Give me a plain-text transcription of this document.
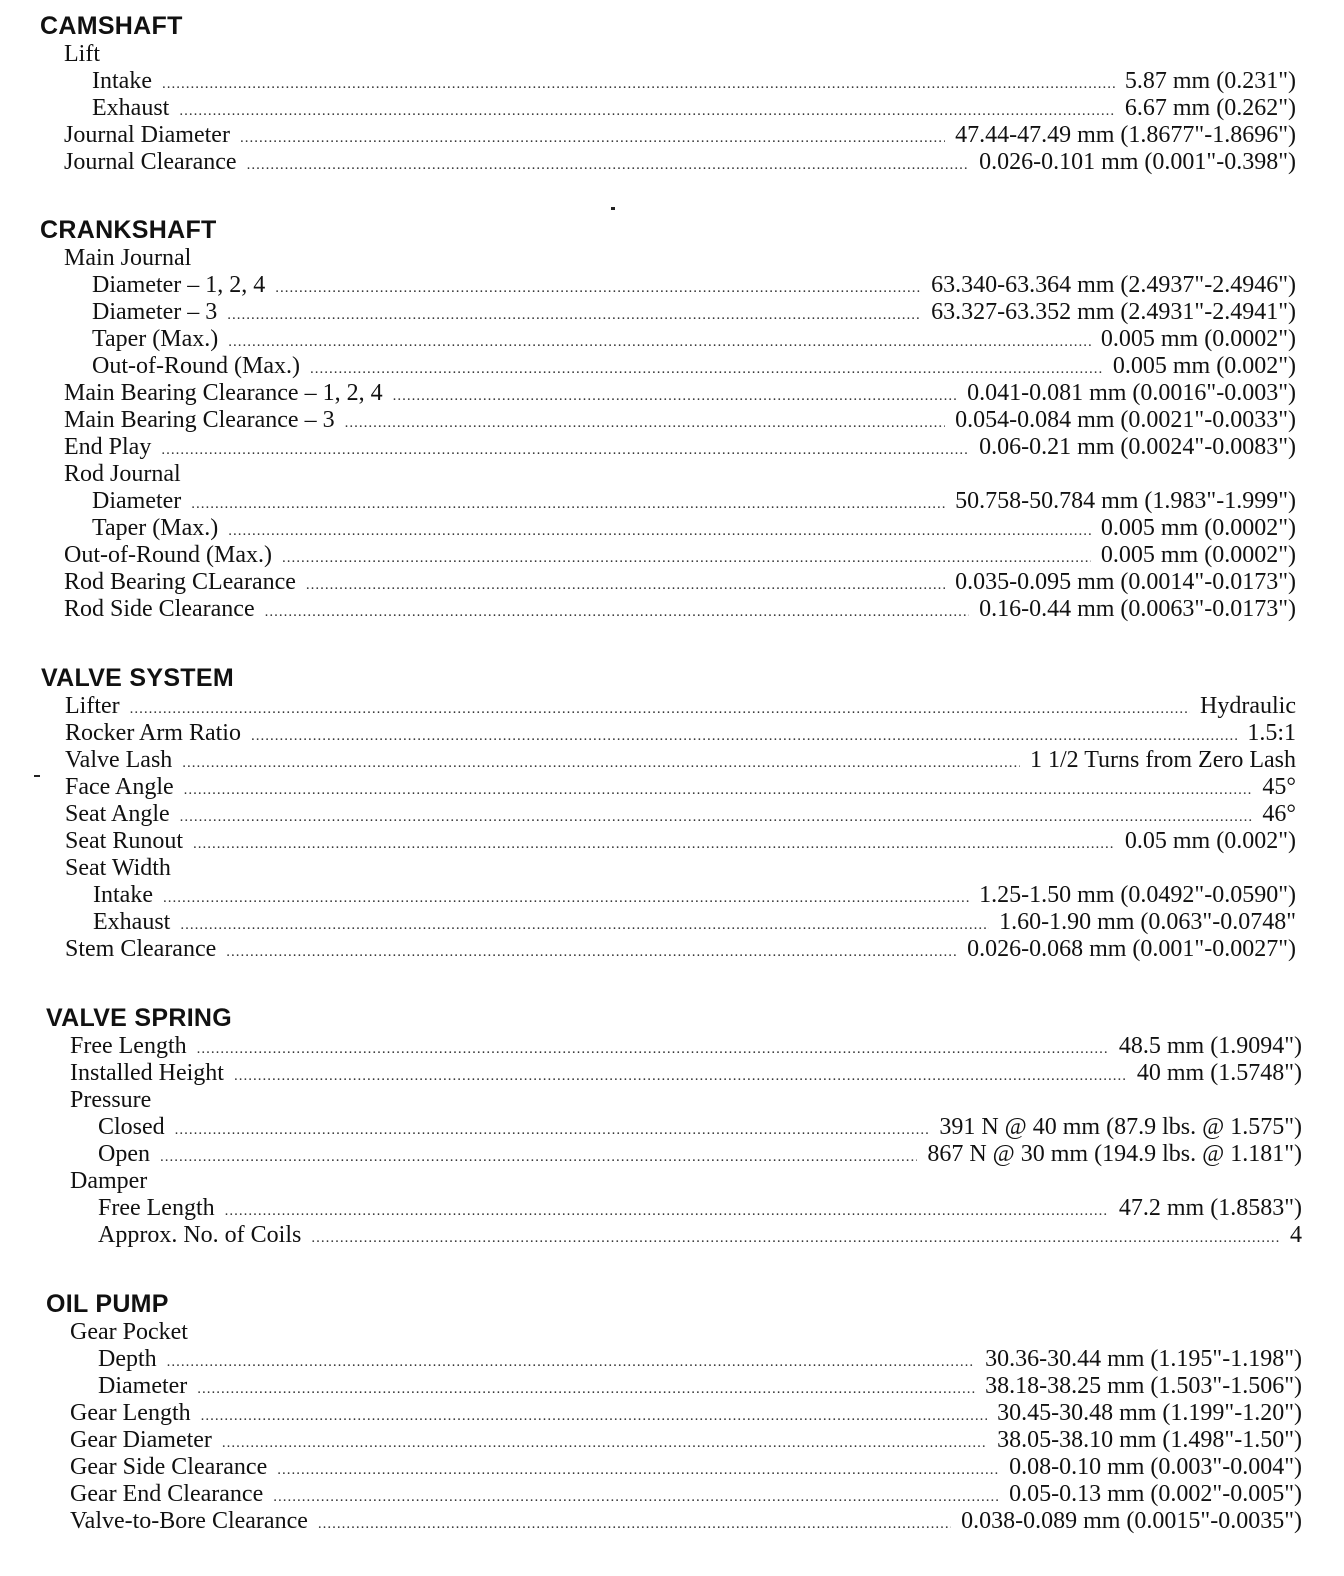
CAMSHAFT
Lift
Intake .....	5.87 mm (0.231")
Exhaust .....	6.67 mm (0.262")
Journal Diameter .....	47.44-47.49 mm (1.8677"-1.8696")
Journal Clearance .....	0.026-0.101 mm (0.001"-0.398")
CRANKSHAFT
Main Journal
Diameter – 1, 2, 4 .....	63.340-63.364 mm (2.4937"-2.4946")
Diameter – 3 .....	63.327-63.352 mm (2.4931"-2.4941")
Taper (Max.) .....	0.005 mm (0.0002")
Out-of-Round (Max.) .....	0.005 mm (0.002")
Main Bearing Clearance – 1, 2, 4 .....	0.041-0.081 mm (0.0016"-0.003")
Main Bearing Clearance – 3 .....	0.054-0.084 mm (0.0021"-0.0033")
End Play .....	0.06-0.21 mm (0.0024"-0.0083")
Rod Journal
Diameter .....	50.758-50.784 mm (1.983"-1.999")
Taper (Max.) .....	0.005 mm (0.0002")
Out-of-Round (Max.) .....	0.005 mm (0.0002")
Rod Bearing CLearance .....	0.035-0.095 mm (0.0014"-0.0173")
Rod Side Clearance .....	0.16-0.44 mm (0.0063"-0.0173")
VALVE SYSTEM
Lifter .....	Hydraulic
Rocker Arm Ratio .....	1.5:1
Valve Lash .....	1 1/2 Turns from Zero Lash
Face Angle .....	45°
Seat Angle .....	46°
Seat Runout .....	0.05 mm (0.002")
Seat Width
Intake .....	1.25-1.50 mm (0.0492"-0.0590")
Exhaust .....	1.60-1.90 mm (0.063"-0.0748"
Stem Clearance .....	0.026-0.068 mm (0.001"-0.0027")
VALVE SPRING
Free Length .....	48.5 mm (1.9094")
Installed Height .....	40 mm (1.5748")
Pressure
Closed .....	391 N @ 40 mm (87.9 lbs. @ 1.575")
Open .....	867 N @ 30 mm (194.9 lbs. @ 1.181")
Damper
Free Length .....	47.2 mm (1.8583")
Approx. No. of Coils .....	4
OIL PUMP
Gear Pocket
Depth .....	30.36-30.44 mm (1.195"-1.198")
Diameter .....	38.18-38.25 mm (1.503"-1.506")
Gear Length .....	30.45-30.48 mm (1.199"-1.20")
Gear Diameter .....	38.05-38.10 mm (1.498"-1.50")
Gear Side Clearance .....	0.08-0.10 mm (0.003"-0.004")
Gear End Clearance .....	0.05-0.13 mm (0.002"-0.005")
Valve-to-Bore Clearance .....	0.038-0.089 mm (0.0015"-0.0035")
